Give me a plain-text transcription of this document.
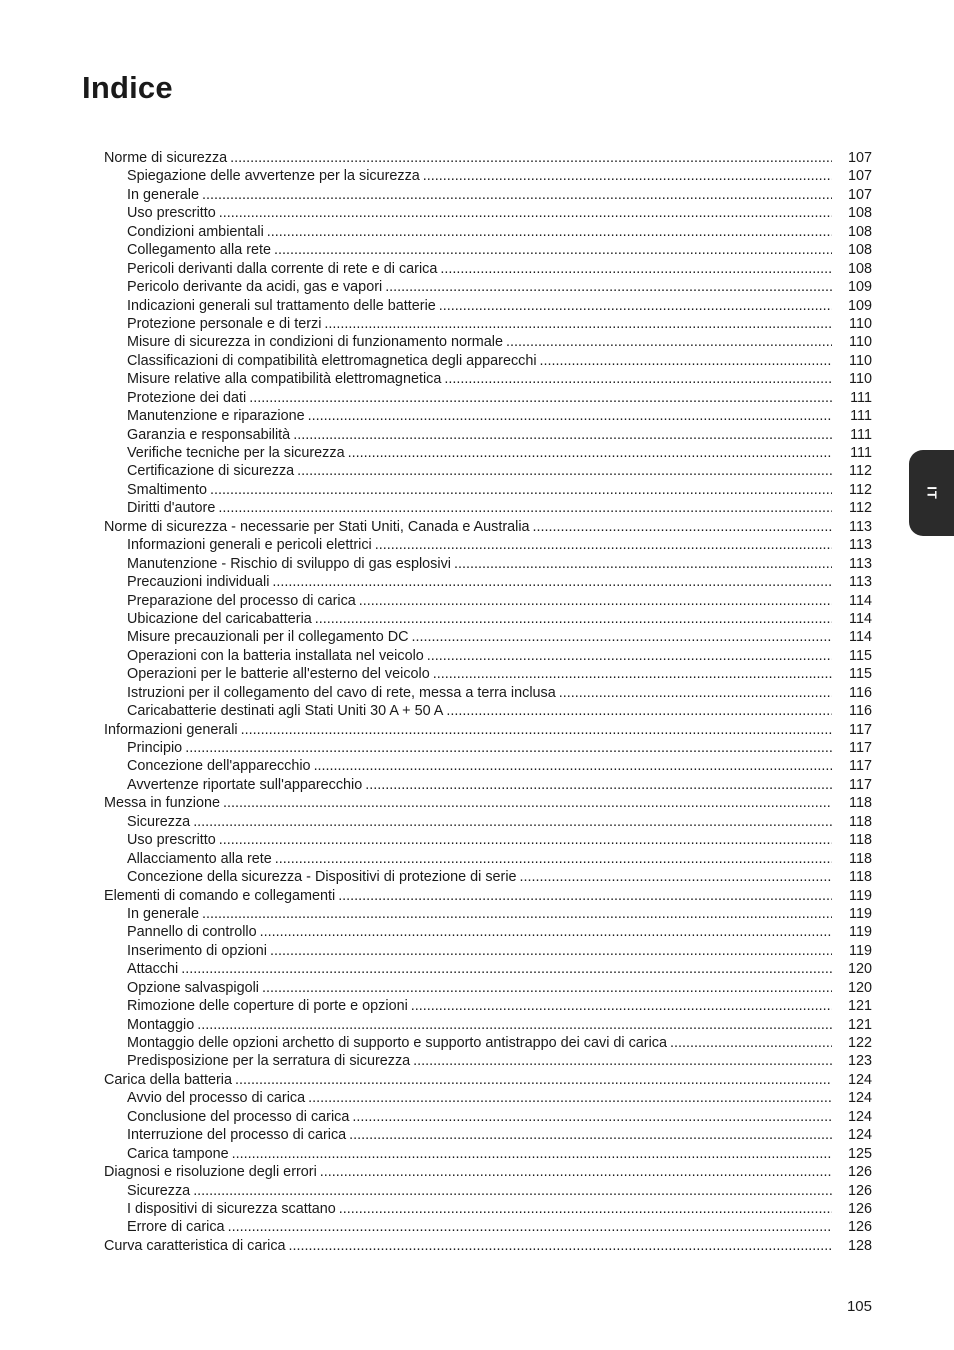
Indice
IT
Norme di sicurezza .....	107
Spiegazione delle avvertenze per la sicurezza .....	107
In generale .....	107
Uso prescritto .....	108
Condizioni ambientali .....	108
Collegamento alla rete .....	108
Pericoli derivanti dalla corrente di rete e di carica .....	108
Pericolo derivante da acidi, gas e vapori .....	109
Indicazioni generali sul trattamento delle batterie .....	109
Protezione personale e di terzi .....	110
Misure di sicurezza in condizioni di funzionamento normale .....	110
Classificazioni di compatibilità elettromagnetica degli apparecchi .....	110
Misure relative alla compatibilità elettromagnetica .....	110
Protezione dei dati .....	111
Manutenzione e riparazione .....	111
Garanzia e responsabilità .....	111
Verifiche tecniche per la sicurezza .....	111
Certificazione di sicurezza .....	112
Smaltimento .....	112
Diritti d'autore .....	112
Norme di sicurezza - necessarie per Stati Uniti, Canada e Australia .....	113
Informazioni generali e pericoli elettrici .....	113
Manutenzione - Rischio di sviluppo di gas esplosivi .....	113
Precauzioni individuali .....	113
Preparazione del processo di carica .....	114
Ubicazione del caricabatteria .....	114
Misure precauzionali per il collegamento DC .....	114
Operazioni con la batteria installata nel veicolo .....	115
Operazioni per le batterie all'esterno del veicolo .....	115
Istruzioni per il collegamento del cavo di rete, messa a terra inclusa .....	116
Caricabatterie destinati agli Stati Uniti 30 A + 50 A .....	116
Informazioni generali .....	117
Principio .....	117
Concezione dell'apparecchio .....	117
Avvertenze riportate sull'apparecchio .....	117
Messa in funzione .....	118
Sicurezza .....	118
Uso prescritto .....	118
Allacciamento alla rete .....	118
Concezione della sicurezza - Dispositivi di protezione di serie .....	118
Elementi di comando e collegamenti .....	119
In generale .....	119
Pannello di controllo .....	119
Inserimento di opzioni .....	119
Attacchi .....	120
Opzione salvaspigoli .....	120
Rimozione delle coperture di porte e opzioni .....	121
Montaggio .....	121
Montaggio delle opzioni archetto di supporto e supporto antistrappo dei cavi di carica .....	122
Predisposizione per la serratura di sicurezza .....	123
Carica della batteria .....	124
Avvio del processo di carica .....	124
Conclusione del processo di carica .....	124
Interruzione del processo di carica .....	124
Carica tampone .....	125
Diagnosi e risoluzione degli errori .....	126
Sicurezza .....	126
I dispositivi di sicurezza scattano .....	126
Errore di carica .....	126
Curva caratteristica di carica .....	128
105
